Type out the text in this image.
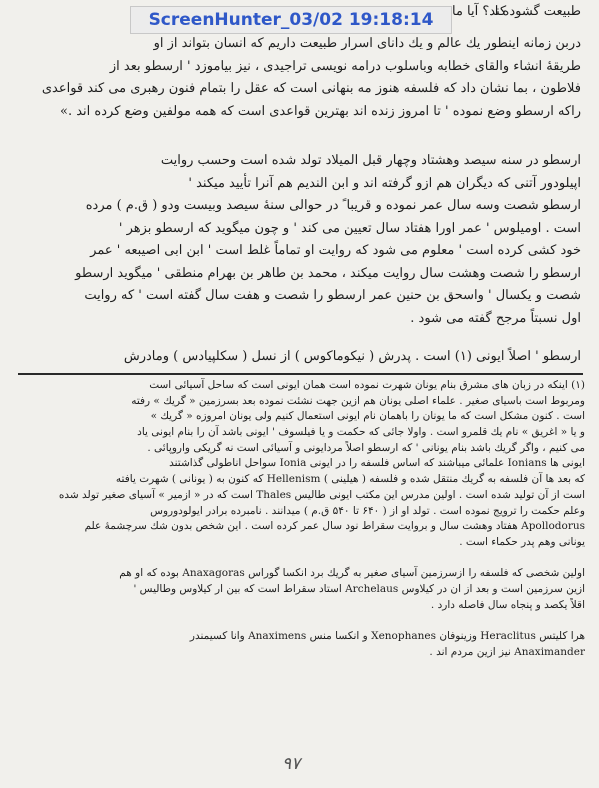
طبیعت گشوده ا
کند؟ آیا ما
ScreenHunter_03/02 19:18:14
دربن زمانه اینطور یك عالم و یك دانای اسرار طبیعت داریم كه انسان بتواند از او
طریقهٔ انشاء والقای خطابه وباسلوب درامه نویسی تراجیدی ، نیز بیاموزد ' ارسطو بعد از
فلاطون ، بما نشان داد كه فلسفه هنوز مه بنهانی است كه عقل را بتمام فنون رهبری می كند قواعدی
راكه ارسطو وضع نموده ' تا امروز زنده اند بهترین قواعدی است كه همه مولفین وضع كرده اند .»
ارسطو در سنه سیصد وهشتاد وچهار قبل المیلاد تولد شده است وحسب روایت
اپیلودور آتنی كه دیگران هم ازو گرفته اند و ابن الندیم هم آنرا تأیید میكند '
ارسطو شصت وسه سال عمر نموده و قریبا ً در حوالی سنهٔ سیصد وبیست ودو ( ق.م ) مرده
است . اومیلوس ' عمر اورا هفتاد سال تعیین می كند ' و چون میگوید كه ارسطو بزهر '
خود كشی كرده است ' معلوم می شود كه روایت او تماماً غلط است ' ابن ابی اصیبعه ' عمر
ارسطو را شصت وهشت سال روایت میكند ، محمد بن طاهر بن بهرام منطقی ' میگوید ارسطو
شصت و یكسال ' واسحق بن حنین عمر ارسطو را شصت و هفت سال گفته است ' كه روایت
اول نسبتاً مرجح گفته می شود .
ارسطو ' اصلاً ایونی (۱) است . پدرش ( نیكوماكوس ) از نسل ( سكلپیادس ) ومادرش
(۱) اینكه در زبان های مشرق بنام یونان شهرت نموده است همان ایونی است كه ساحل آسیائی است
ومربوط است باسیای صغیر . علماء اصلی یونان هم ازین جهت نشئت نموده بعد بسرزمین « گریك » رفته
است . كنون مشكل است كه ما یونان را باهمان نام ایونی استعمال كنیم ولی یونان امروزه « گریك »
و یا « اغریق » نام یك قلمرو است . واولا جائی كه حكمت و یا فیلسوف ' ایونی باشد آن را بنام ایونی یاد
می كنیم ، واگر گریك باشد بنام یونانی ' كه ارسطو اصلاً مردایونی و آسیائی است نه گریكی واروپائی .
ایونی ها Ionians علمائی میباشند كه اساس فلسفه را در ایونی Ionia سواحل اناطولی گذاشتند
كه بعد ها آن فلسفه به گریك منتقل شده و فلسفه ( هیلینی ) Hellenism كه كنون به ( یونانی ) شهرت یافته
است از آن تولید شده است . اولین مدرس این مكتب ایونی طالیس Thales است كه در « ازمیر » آسیای صغیر تولد شده
وعلم حكمت را ترویج نموده است . تولد او از ( ۶۴۰ تا ۵۴۰ ق.م ) میدانند . نامبرده برادر ایولودوروس
Apollodorus هفتاد وهشت سال و بروایت سقراط نود سال عمر كرده است . این شخص بدون شك سرچشمهٔ علم
یونانی وهم پدر حكماء است .
اولین شخصی كه فلسفه را ازسرزمین آسیای صغیر به گریك برد انكسا گوراس Anaxagoras بوده كه او هم
ازین سرزمین است و بعد از ان در كیلاوس Archelaus استاد سقراط است كه بین ار كیلاوس وطالیس '
اقلاً یكصد و پنجاه سال فاصله دارد .
هرا كلیتس Heraclitus وزینوفان Xenophanes و انكسا منس Anaximens وانا كسیمندر
Anaximander نیز ازین مردم اند .
۹۷
